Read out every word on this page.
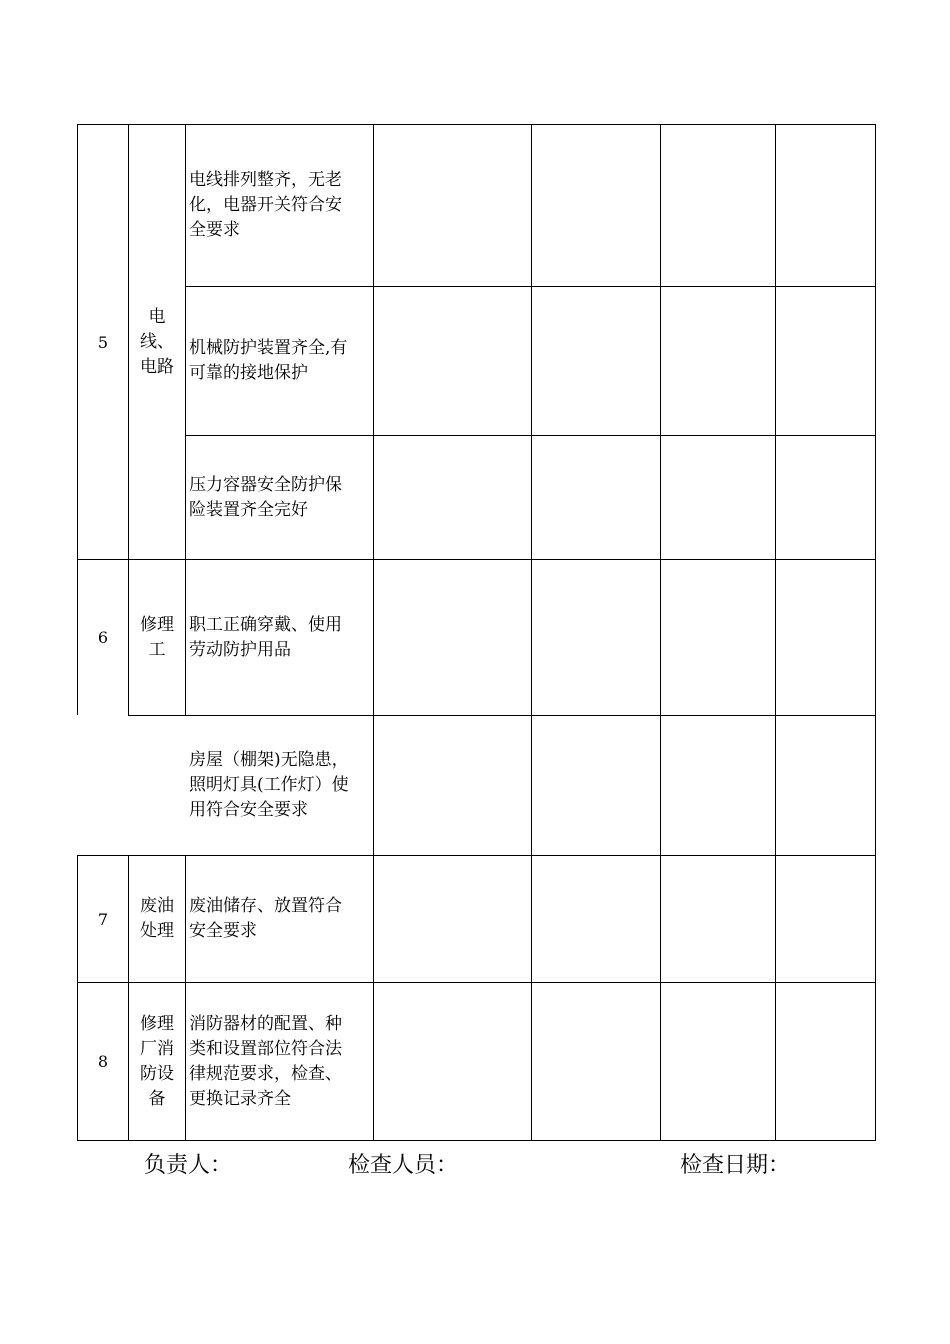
5
电
线、
电路
电线排列整齐，无老
化，电器开关符合安
全要求
机械防护装置齐全,有
可靠的接地保护
压力容器安全防护保
险装置齐全完好
6
修理
工
职工正确穿戴、使用
劳动防护用品
房屋（棚架)无隐患，
照明灯具(工作灯）使
用符合安全要求
7
废油
处理
废油储存、放置符合
安全要求
8
修理
厂消
防设
备
消防器材的配置、种
类和设置部位符合法
律规范要求，检查、
更换记录齐全
负责人：	检查人员：	检查日期：
